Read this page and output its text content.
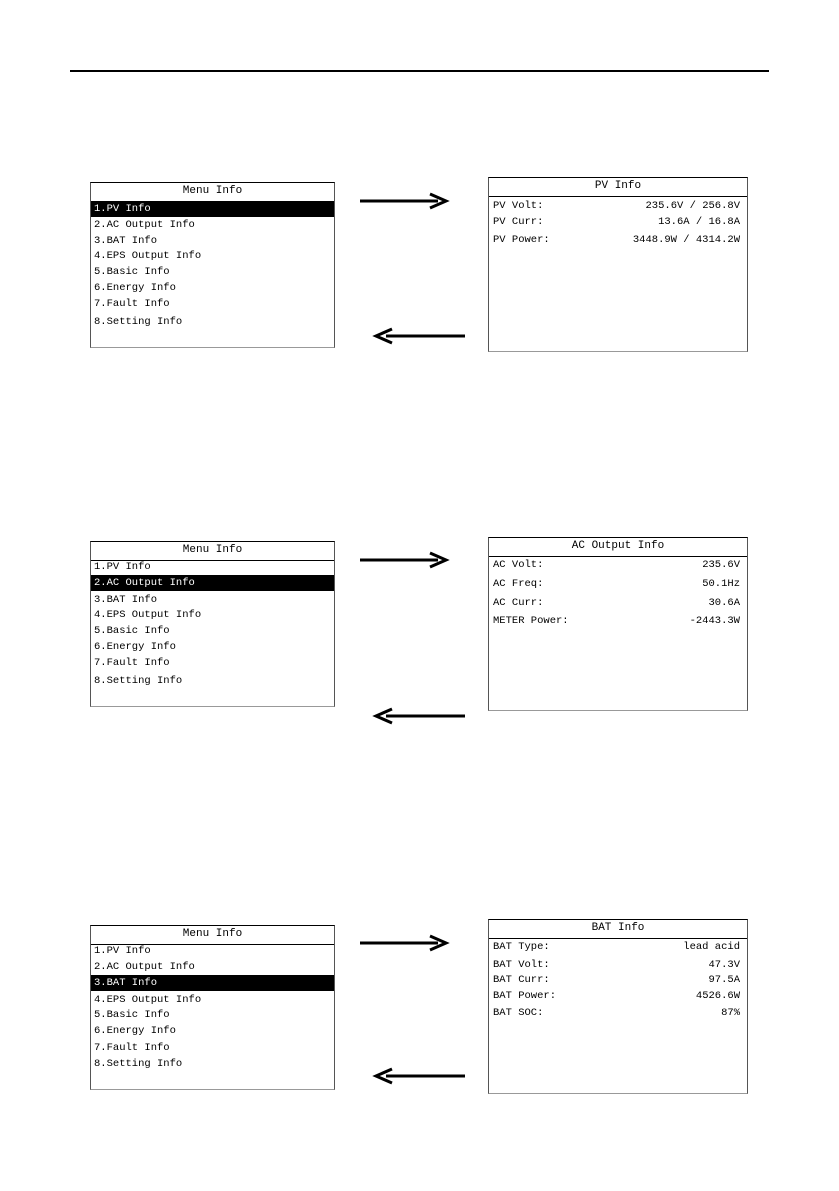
Menu Info
1.PV Info
2.AC Output Info
3.BAT Info
4.EPS Output Info
5.Basic Info
6.Energy Info
7.Fault Info
8.Setting Info
PV Info
PV Volt:	235.6V / 256.8V
PV Curr:	13.6A / 16.8A
PV Power:	3448.9W / 4314.2W
Menu Info
1.PV Info
2.AC Output Info
3.BAT Info
4.EPS Output Info
5.Basic Info
6.Energy Info
7.Fault Info
8.Setting Info
AC Output Info
AC Volt:	235.6V
AC Freq:	50.1Hz
AC Curr:	30.6A
METER Power:	-2443.3W
Menu Info
1.PV Info
2.AC Output Info
3.BAT Info
4.EPS Output Info
5.Basic Info
6.Energy Info
7.Fault Info
8.Setting Info
BAT Info
BAT Type:	lead acid
BAT Volt:	47.3V
BAT Curr:	97.5A
BAT Power:	4526.6W
BAT SOC:	87%
